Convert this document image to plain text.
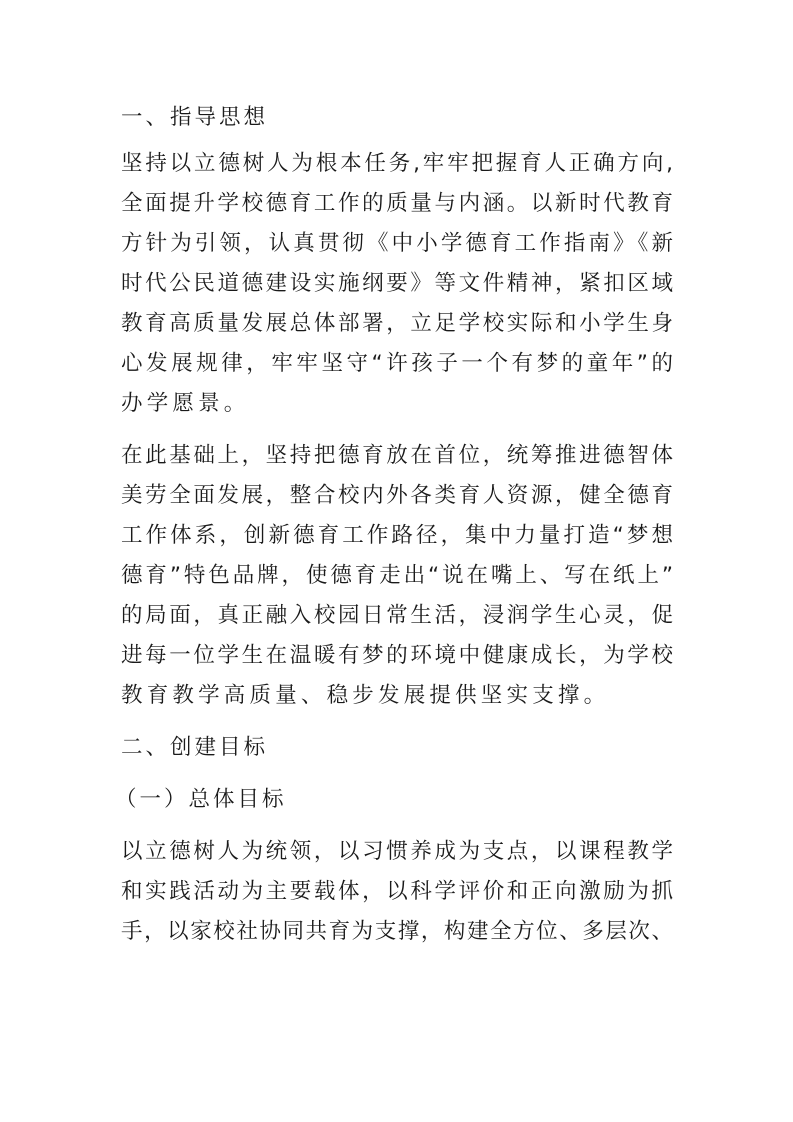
一、指导思想
坚持以立德树人为根本任务,牢牢把握育人正确方向,
全面提升学校德育工作的质量与内涵。以新时代教育
方针为引领，认真贯彻《中小学德育工作指南》《新
时代公民道德建设实施纲要》等文件精神，紧扣区域
教育高质量发展总体部署，立足学校实际和小学生身
心发展规律，牢牢坚守“许孩子一个有梦的童年”的
办学愿景。
在此基础上，坚持把德育放在首位，统筹推进德智体
美劳全面发展，整合校内外各类育人资源，健全德育
工作体系，创新德育工作路径，集中力量打造“梦想
德育”特色品牌，使德育走出“说在嘴上、写在纸上”
的局面，真正融入校园日常生活，浸润学生心灵，促
进每一位学生在温暖有梦的环境中健康成长，为学校
教育教学高质量、稳步发展提供坚实支撑。
二、创建目标
（一）总体目标
以立德树人为统领，以习惯养成为支点，以课程教学
和实践活动为主要载体，以科学评价和正向激励为抓
手，以家校社协同共育为支撑，构建全方位、多层次、
